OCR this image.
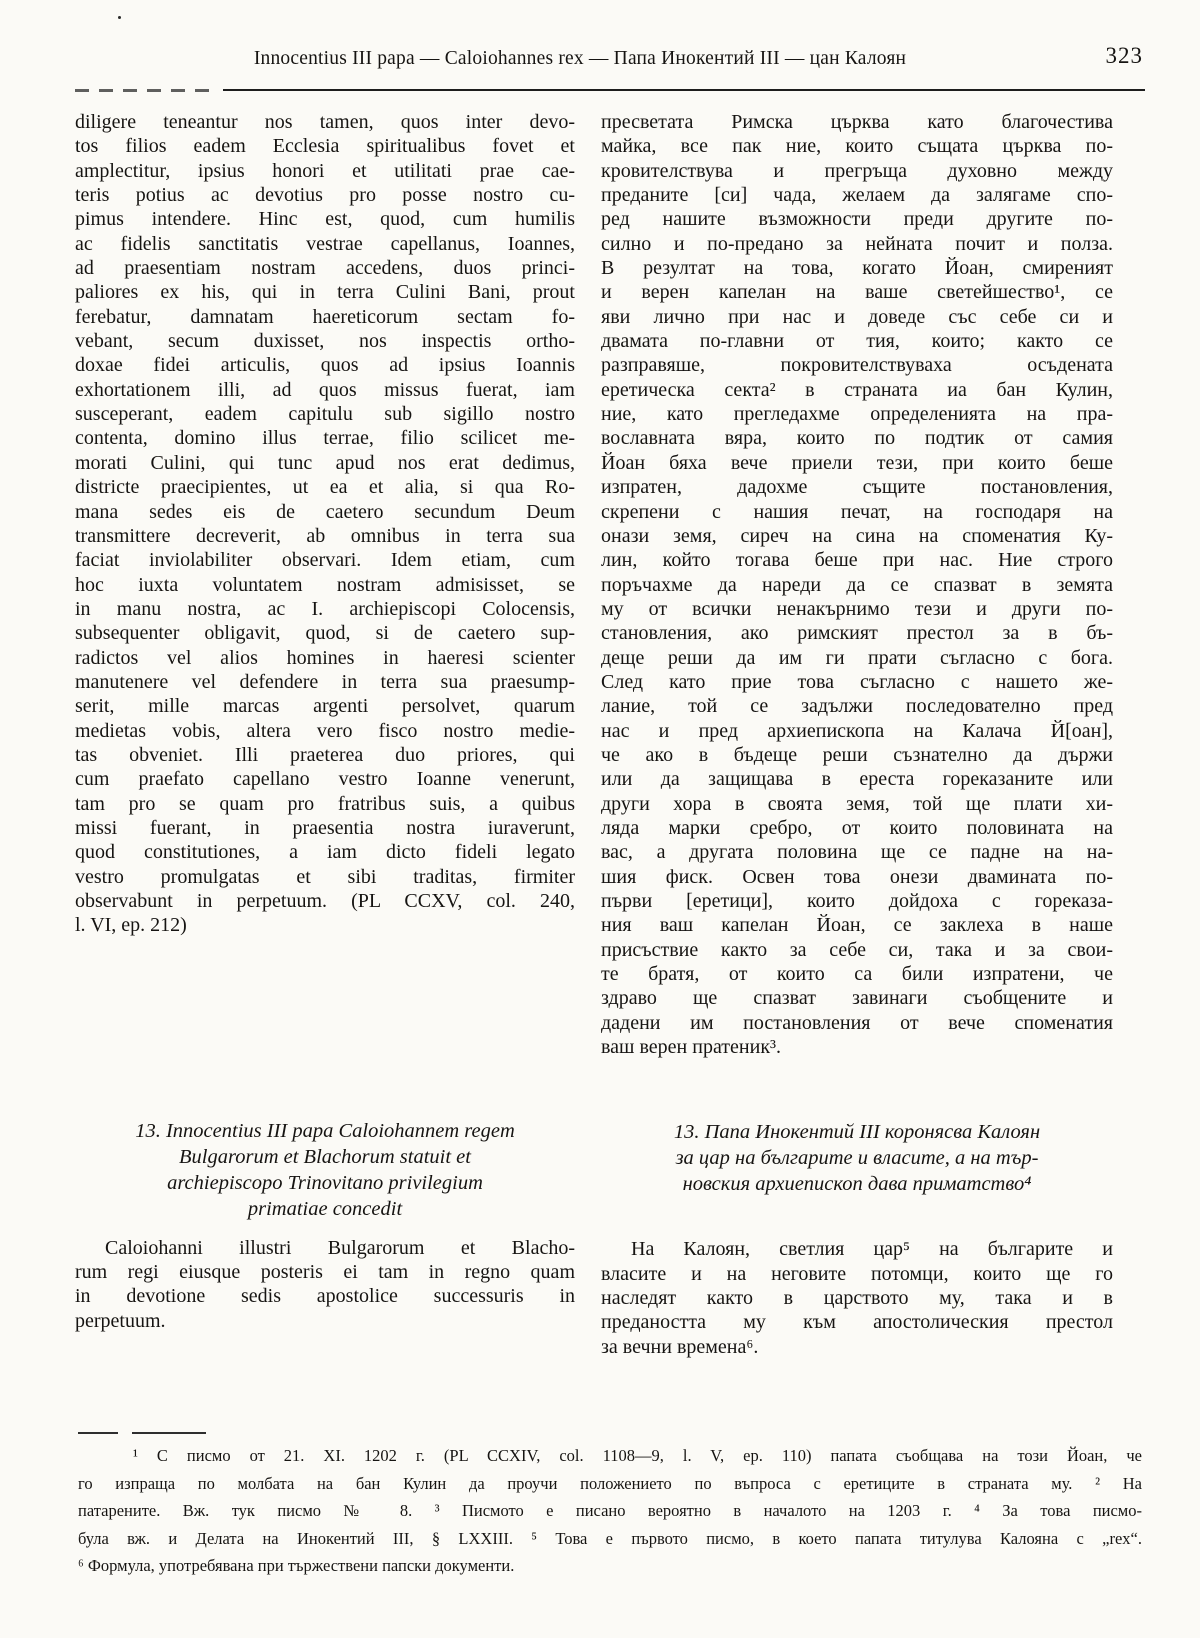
Innocentius III papa — Caloiohannes rex — Папа Инокентий III — цан Калоян	323
diligere teneantur nos tamen, quos inter devo-
tos filios eadem Ecclesia spiritualibus fovet et
amplectitur, ipsius honori et utilitati prae cae-
teris potius ac devotius pro posse nostro cu-
pimus intendere. Hinc est, quod, cum humilis
ac fidelis sanctitatis vestrae capellanus, Ioannes,
ad praesentiam nostram accedens, duos princi-
paliores ex his, qui in terra Culini Bani, prout
ferebatur, damnatam haereticorum sectam fo-
vebant, secum duxisset, nos inspectis ortho-
doxae fidei articulis, quos ad ipsius Ioannis
exhortationem illi, ad quos missus fuerat, iam
susceperant, eadem capitulu sub sigillo nostro
contenta, domino illus terrae, filio scilicet me-
morati Culini, qui tunc apud nos erat dedimus,
districte praecipientes, ut ea et alia, si qua Ro-
mana sedes eis de caetero secundum Deum
transmittere decreverit, ab omnibus in terra sua
faciat inviolabiliter observari. Idem etiam, cum
hoc iuxta voluntatem nostram admisisset, se
in manu nostra, ac I. archiepiscopi Colocensis,
subsequenter obligavit, quod, si de caetero sup-
radictos vel alios homines in haeresi scienter
manutenere vel defendere in terra sua praesump-
serit, mille marcas argenti persolvet, quarum
medietas vobis, altera vero fisco nostro medie-
tas obveniet. Illi praeterea duo priores, qui
cum praefato capellano vestro Ioanne venerunt,
tam pro se quam pro fratribus suis, a quibus
missi fuerant, in praesentia nostra iuraverunt,
quod constitutiones, a iam dicto fideli legato
vestro promulgatas et sibi traditas, firmiter
observabunt in perpetuum. (PL CCXV, col. 240,
l. VI, ep. 212)
13. Innocentius III papa Caloiohannem regem
Bulgarorum et Blachorum statuit et
archiepiscopo Trinovitano privilegium
primatiae concedit
Caloiohanni illustri Bulgarorum et Blacho-
rum regi eiusque posteris ei tam in regno quam
in devotione sedis apostolice successuris in
perpetuum.
пресветата Римска църква като благочестива
майка, все пак ние, които същата църква по-
кровителствува и прегръща духовно между
преданите [си] чада, желаем да залягаме спо-
ред нашите възможности преди другите по-
силно и по-предано за нейната почит и полза.
В резултат на това, когато Йоан, смиреният
и верен капелан на ваше светейшество¹, се
яви лично при нас и доведе със себе си и
двамата по-главни от тия, които; както се
разправяше, покровителствуваха осъдената
еретическа секта² в страната иа бан Кулин,
ние, като прегледахме определенията на пра-
вославната вяра, които по подтик от самия
Йоан бяха вече приели тези, при които беше
изпратен, дадохме същите постановления,
скрепени с нашия печат, на господаря на
онази земя, сиреч на сина на споменатия Ку-
лин, който тогава беше при нас. Ние строго
поръчахме да нареди да се спазват в земята
му от всички ненакърнимо тези и други по-
становления, ако римският престол за в бъ-
деще реши да им ги прати съгласно с бога.
След като прие това съгласно с нашето же-
лание, той се задължи последователно пред
нас и пред архиепископа на Калача Й[оан],
че ако в бъдеще реши съзнателно да държи
или да защищава в ереста гореказаните или
други хора в своята земя, той ще плати хи-
ляда марки сребро, от които половината на
вас, а другата половина ще се падне на на-
шия фиск. Освен това онези двамината по-
първи [еретици], които дойдоха с гореказа-
ния ваш капелан Йоан, се заклеха в наше
присъствие както за себе си, така и за свои-
те братя, от които са били изпратени, че
здраво ще спазват завинаги съобщените и
дадени им постановления от вече споменатия
ваш верен пратеник³.
13. Папа Инокентий III коронясва Калоян
за цар на българите и власите, а на тър-
новския архиепископ дава приматство⁴
На Калоян, светлия цар⁵ на българите и
власите и на неговите потомци, които ще го
наследят както в царството му, така и в
предаността му към апостолическия престол
за вечни времена⁶.
¹ С писмо от 21. XI. 1202 г. (PL CCXIV, col. 1108—9, l. V, ep. 110) папата съобщава на този Йоан, че
го изпраща по молбата на бан Кулин да проучи положението по въпроса с еретиците в страната му. ² На
патарените. Вж. тук писмо № 8. ³ Писмото е писано вероятно в началото на 1203 г. ⁴ За това писмо-
була вж. и Делата на Инокентий III, § LXXIII. ⁵ Това е първото писмо, в което папата титулува Калояна с „rex“.
⁶ Формула, употребявана при тържествени папски документи.
